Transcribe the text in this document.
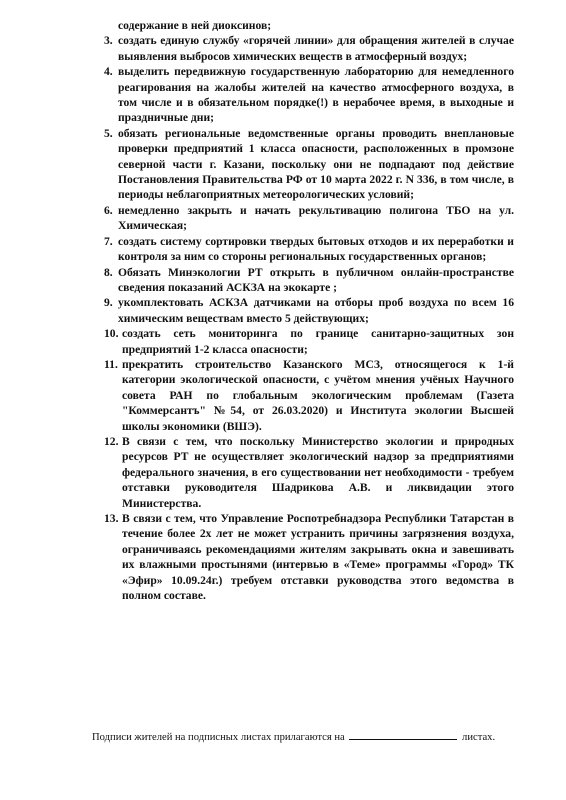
содержание в ней диоксинов;
3. создать единую службу «горячей линии» для обращения жителей в случае выявления выбросов химических веществ в атмосферный воздух;
4. выделить передвижную государственную лабораторию для немедленного реагирования на жалобы жителей на качество атмосферного воздуха, в том числе и в обязательном порядке(!) в нерабочее время, в выходные и праздничные дни;
5. обязать региональные ведомственные органы проводить внеплановые проверки предприятий 1 класса опасности, расположенных в промзоне северной части г. Казани, поскольку они не подпадают под действие Постановления Правительства РФ от 10 марта 2022 г. N 336, в том числе, в периоды неблагоприятных метеорологических условий;
6. немедленно закрыть и начать рекультивацию полигона ТБО на ул. Химическая;
7. создать систему сортировки твердых бытовых отходов и их переработки и контроля за ним со стороны региональных государственных органов;
8. Обязать Минэкологии РТ открыть в публичном онлайн-пространстве сведения показаний АСКЗА на экокарте ;
9. укомплектовать АСКЗА датчиками на отборы проб воздуха по всем 16 химическим веществам вместо 5 действующих;
10. создать сеть мониторинга по границе санитарно-защитных зон предприятий 1-2 класса опасности;
11. прекратить строительство Казанского МСЗ, относящегося к 1-й категории экологической опасности, с учётом мнения учёных Научного совета РАН по глобальным экологическим проблемам (Газета "Коммерсантъ" №54, от 26.03.2020) и Института экологии Высшей школы экономики (ВШЭ).
12. В связи с тем, что поскольку Министерство экологии и природных ресурсов РТ не осуществляет экологический надзор за предприятиями федерального значения, в его существовании нет необходимости - требуем отставки руководителя Шадрикова А.В. и ликвидации этого Министерства.
13. В связи с тем, что Управление Роспотребнадзора Республики Татарстан в течение более 2х лет не может устранить причины загрязнения воздуха, ограничиваясь рекомендациями жителям закрывать окна и завешивать их влажными простынями (интервью в «Теме» программы «Город» ТК «Эфир» 10.09.24г.) требуем отставки руководства этого ведомства в полном составе.
Подписи жителей на подписных листах прилагаются на	листах.
